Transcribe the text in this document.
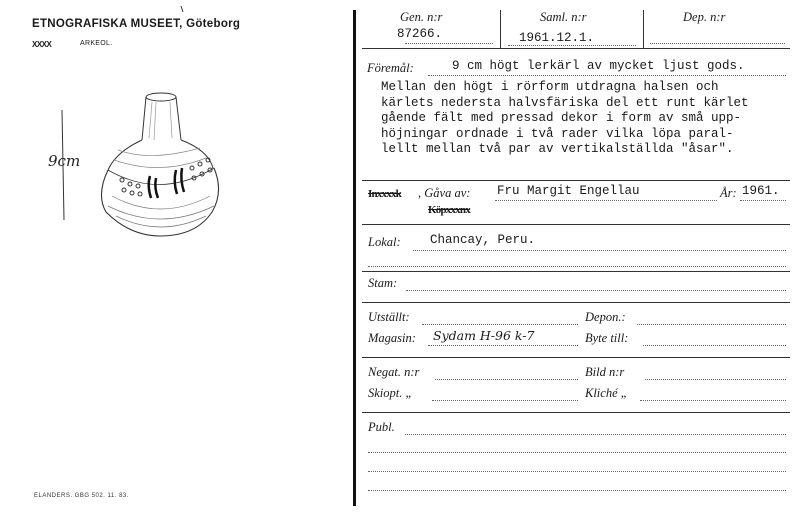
ETNOGRAFISKA MUSEET, Göteborg
XXXX	ARKEOL.
9cm
ELANDERS. GBG 502. 11. 83.
Gen. n:r
87266.
Saml. n:r
1961.12.1.
Dep. n:r
Föremål:	9 cm högt lerkärl av mycket ljust gods.
Mellan den högt i rörform utdragna halsen och
kärlets nedersta halvsfäriska del ett runt kärlet
gående fält med pressad dekor i form av små upp-
höjningar ordnade i två rader vilka löpa paral-
lellt mellan två par av vertikalställda "åsar".
Inxxxxk , Gåva av: Fru Margit Engellau	År: 1961.
Köpxxxnx
Lokal: Chancay, Peru.
Stam:
Utställt:	Depon.:
Magasin: Sydam H-96 k-7	Byte till:
Negat. n:r	Bild n:r
Skiopt. „	Kliché „
Publ.
